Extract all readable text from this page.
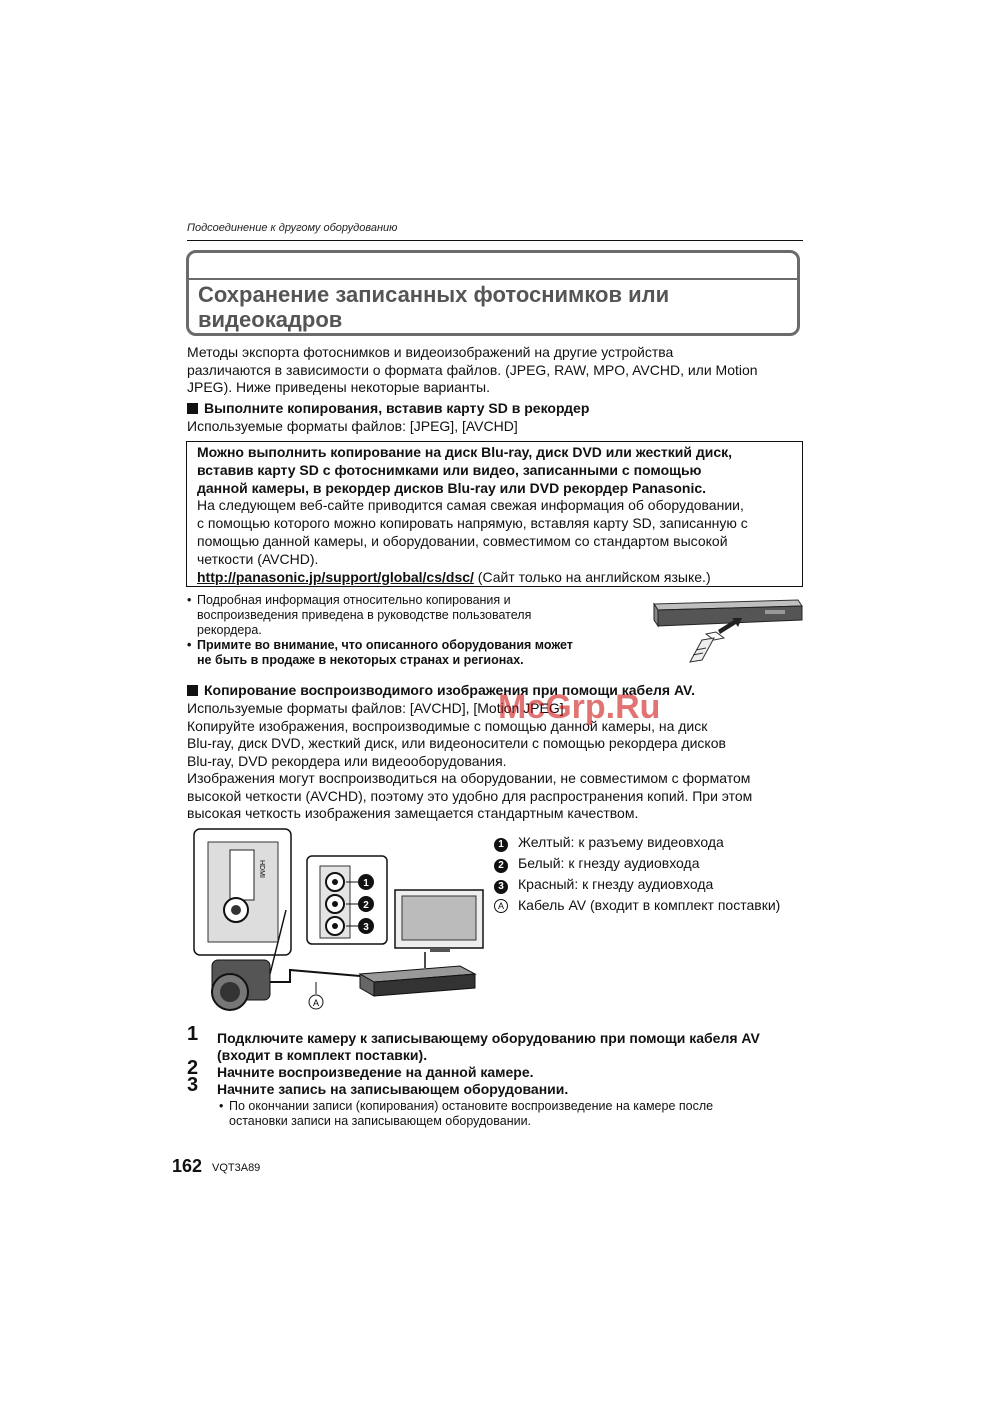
Подсоединение к другому оборудованию
Сохранение записанных фотоснимков или
видеокадров
Методы экспорта фотоснимков и видеоизображений на другие устройства
различаются в зависимости о формата файлов. (JPEG, RAW, MPO, AVCHD, или Motion
JPEG). Ниже приведены некоторые варианты.
Выполните копирования, вставив карту SD в рекордер
Используемые форматы файлов: [JPEG], [AVCHD]
Можно выполнить копирование на диск Blu-ray, диск DVD или жесткий диск,
вставив карту SD с фотоснимками или видео, записанными с помощью
данной камеры, в рекордер дисков Blu-ray или DVD рекордер Panasonic.
На следующем веб-сайте приводится самая свежая информация об оборудовании,
с помощью которого можно копировать напрямую, вставляя карту SD, записанную с
помощью данной камеры, и оборудовании, совместимом со стандартом высокой
четкости (AVCHD).
http://panasonic.jp/support/global/cs/dsc/ (Сайт только на английском языке.)
• Подробная информация относительно копирования и
воспроизведения приведена в руководстве пользователя
рекордера.
• Примите во внимание, что описанного оборудования может
не быть в продаже в некоторых странах и регионах.
Копирование воспроизводимого изображения при помощи кабеля AV.
Используемые форматы файлов: [AVCHD], [Motion JPEG]
Копируйте изображения, воспроизводимые с помощью данной камеры, на диск
Blu-ray, диск DVD, жесткий диск, или видеоносители с помощью рекордера дисков
Blu-ray, DVD рекордера или видеооборудования.
Изображения могут воспроизводиться на оборудовании, не совместимом с форматом
высокой четкости (AVCHD), поэтому это удобно для распространения копий. При этом
высокая четкость изображения замещается стандартным качеством.
McGrp.Ru
HDMI
1
2
3
A
1 Желтый: к разъему видеовхода
2 Белый: к гнезду аудиовхода
3 Красный: к гнезду аудиовхода
A Кабель AV (входит в комплект поставки)
1 Подключите камеру к записывающему оборудованию при помощи кабеля AV
(входит в комплект поставки).
2 Начните воспроизведение на данной камере.
3 Начните запись на записывающем оборудовании.
• По окончании записи (копирования) остановите воспроизведение на камере после
остановки записи на записывающем оборудовании.
162 VQT3A89
